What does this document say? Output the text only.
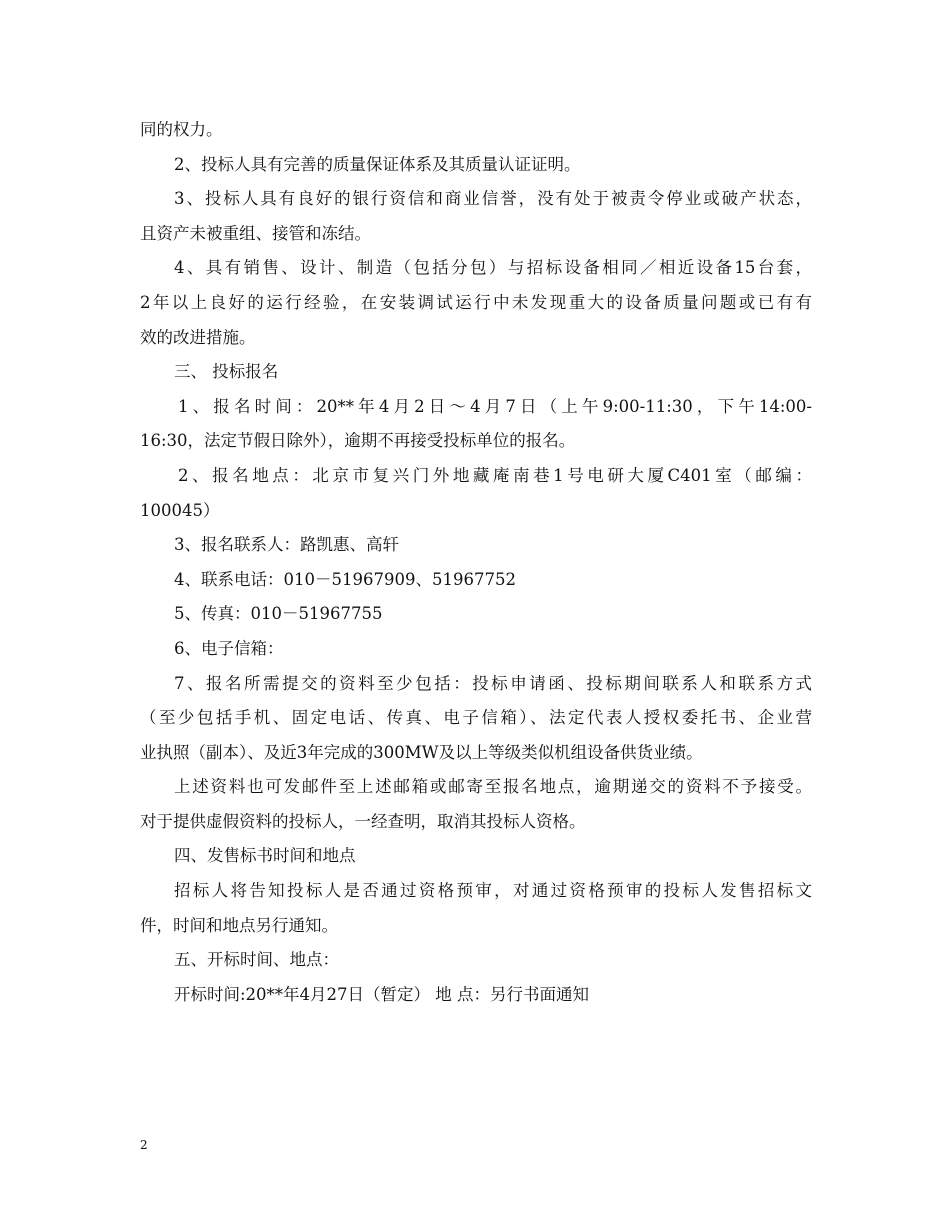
同的权力。
2、投标人具有完善的质量保证体系及其质量认证证明。
3、投标人具有良好的银行资信和商业信誉，没有处于被责令停业或破产状态，
且资产未被重组、接管和冻结。
4、具有销售、设计、制造（包括分包）与招标设备相同／相近设备15台套，
2年以上良好的运行经验，在安装调试运行中未发现重大的设备质量问题或已有有
效的改进措施。
三、 投标报名
1、报名时间：20**年4月2日～4月7日（上午9:00-11:30，下午14:00-
16:30，法定节假日除外），逾期不再接受投标单位的报名。
2、报名地点：北京市复兴门外地藏庵南巷1号电研大厦C401室（邮编：
100045）
3、报名联系人：路凯惠、高轩
4、联系电话：010－51967909、51967752
5、传真：010－51967755
6、电子信箱：
7、报名所需提交的资料至少包括：投标申请函、投标期间联系人和联系方式
（至少包括手机、固定电话、传真、电子信箱）、法定代表人授权委托书、企业营
业执照（副本）、及近3年完成的300MW及以上等级类似机组设备供货业绩。
上述资料也可发邮件至上述邮箱或邮寄至报名地点，逾期递交的资料不予接受。
对于提供虚假资料的投标人，一经查明，取消其投标人资格。
四、发售标书时间和地点
招标人将告知投标人是否通过资格预审，对通过资格预审的投标人发售招标文
件，时间和地点另行通知。
五、开标时间、地点：
开标时间:20**年4月27日（暂定） 地 点：另行书面通知
2
